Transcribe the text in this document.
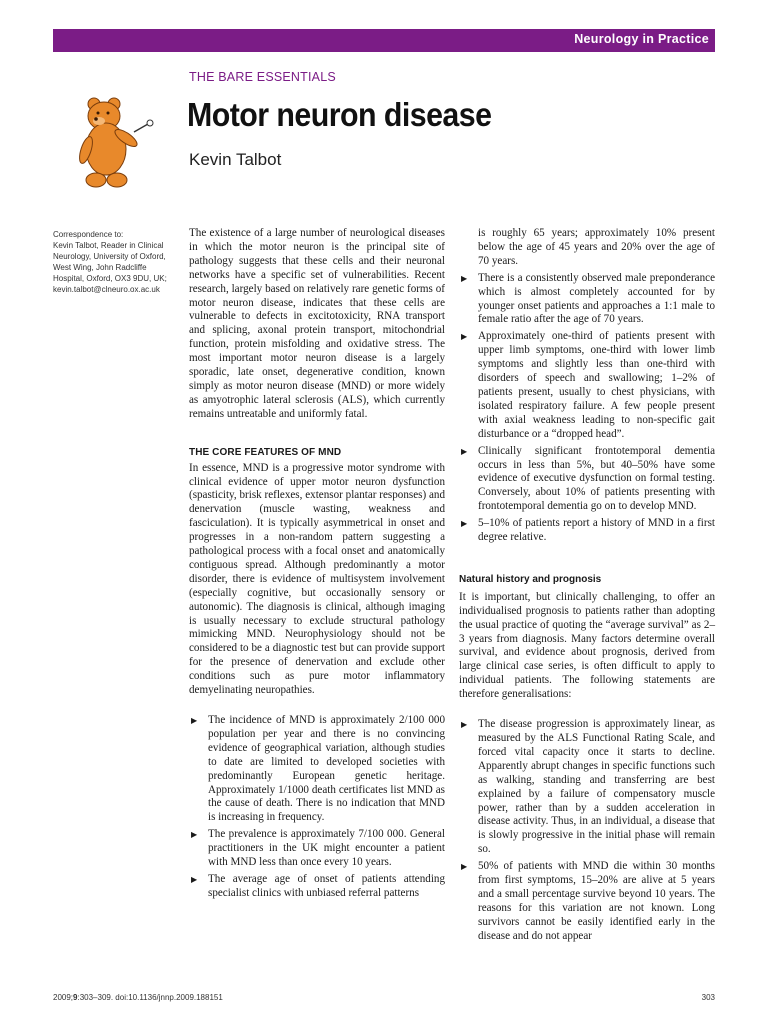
Neurology in Practice
THE BARE ESSENTIALS
Motor neuron disease
Kevin Talbot
Correspondence to:
Kevin Talbot, Reader in Clinical
Neurology, University of Oxford,
West Wing, John Radcliffe
Hospital, Oxford, OX3 9DU, UK;
kevin.talbot@clneuro.ox.ac.uk

The existence of a large number of neurological diseases in which the motor neuron is the principal site of pathology suggests that these cells and their neuronal networks have a specific set of vulnerabilities. Recent research, largely based on relatively rare genetic forms of motor neuron disease, indicates that these cells are vulnerable to defects in excitotoxicity, RNA transport and splicing, axonal protein transport, mitochondrial function, protein misfolding and oxidative stress. The most important motor neuron disease is a largely sporadic, late onset, degenerative condition, known simply as motor neuron disease (MND) or more widely as amyotrophic lateral sclerosis (ALS), which currently remains untreatable and uniformly fatal.

THE CORE FEATURES OF MND

In essence, MND is a progressive motor syndrome with clinical evidence of upper motor neuron dysfunction (spasticity, brisk reflexes, extensor plantar responses) and denervation (muscle wasting, weakness and fasciculation). It is typically asymmetrical in onset and progresses in a non-random pattern suggesting a pathological process with a focal onset and anatomically contiguous spread. Although predominantly a motor disorder, there is evidence of multisystem involvement (especially cognitive, but occasionally sensory or autonomic). The diagnosis is clinical, although imaging is usually necessary to exclude structural pathology mimicking MND. Neurophysiology should not be considered to be a diagnostic test but can provide support for the presence of denervation and exclude other conditions such as pure motor inflammatory demyelinating neuropathies.

▶ The incidence of MND is approximately 2/100 000 population per year and there is no convincing evidence of geographical variation, although studies to date are limited to developed societies with predominantly European genetic heritage. Approximately 1/1000 death certificates list MND as the cause of death. There is no indication that MND is increasing in frequency.
▶ The prevalence is approximately 7/100 000. General practitioners in the UK might encounter a patient with MND less than once every 10 years.
▶ The average age of onset of patients attending specialist clinics with unbiased referral patterns
is roughly 65 years; approximately 10% present below the age of 45 years and 20% over the age of 70 years.
▶ There is a consistently observed male preponderance which is almost completely accounted for by younger onset patients and approaches a 1:1 male to female ratio after the age of 70 years.
▶ Approximately one-third of patients present with upper limb symptoms, one-third with lower limb symptoms and slightly less than one-third with disorders of speech and swallowing; 1–2% of patients present, usually to chest physicians, with isolated respiratory failure. A few people present with axial weakness leading to non-specific gait disturbance or a “dropped head”.
▶ Clinically significant frontotemporal dementia occurs in less than 5%, but 40–50% have some evidence of executive dysfunction on formal testing. Conversely, about 10% of patients presenting with frontotemporal dementia go on to develop MND.
▶ 5–10% of patients report a history of MND in a first degree relative.
Natural history and prognosis

It is important, but clinically challenging, to offer an individualised prognosis to patients rather than adopting the usual practice of quoting the “average survival” as 2–3 years from diagnosis. Many factors determine overall survival, and evidence about prognosis, derived from large clinical case series, is often difficult to apply to individual patients. The following statements are therefore generalisations:

▶ The disease progression is approximately linear, as measured by the ALS Functional Rating Scale, and forced vital capacity once it starts to decline. Apparently abrupt changes in specific functions such as walking, standing and transferring are best explained by a failure of compensatory muscle power, rather than by a sudden acceleration in disease activity. Thus, in an individual, a disease that is slowly progressive in the initial phase will remain so.
▶ 50% of patients with MND die within 30 months from first symptoms, 15–20% are alive at 5 years and a small percentage survive beyond 10 years. The reasons for this variation are not known. Long survivors cannot be easily identified early in the disease and do not appear
2009;9:303–309. doi:10.1136/jnnp.2009.188151	303
